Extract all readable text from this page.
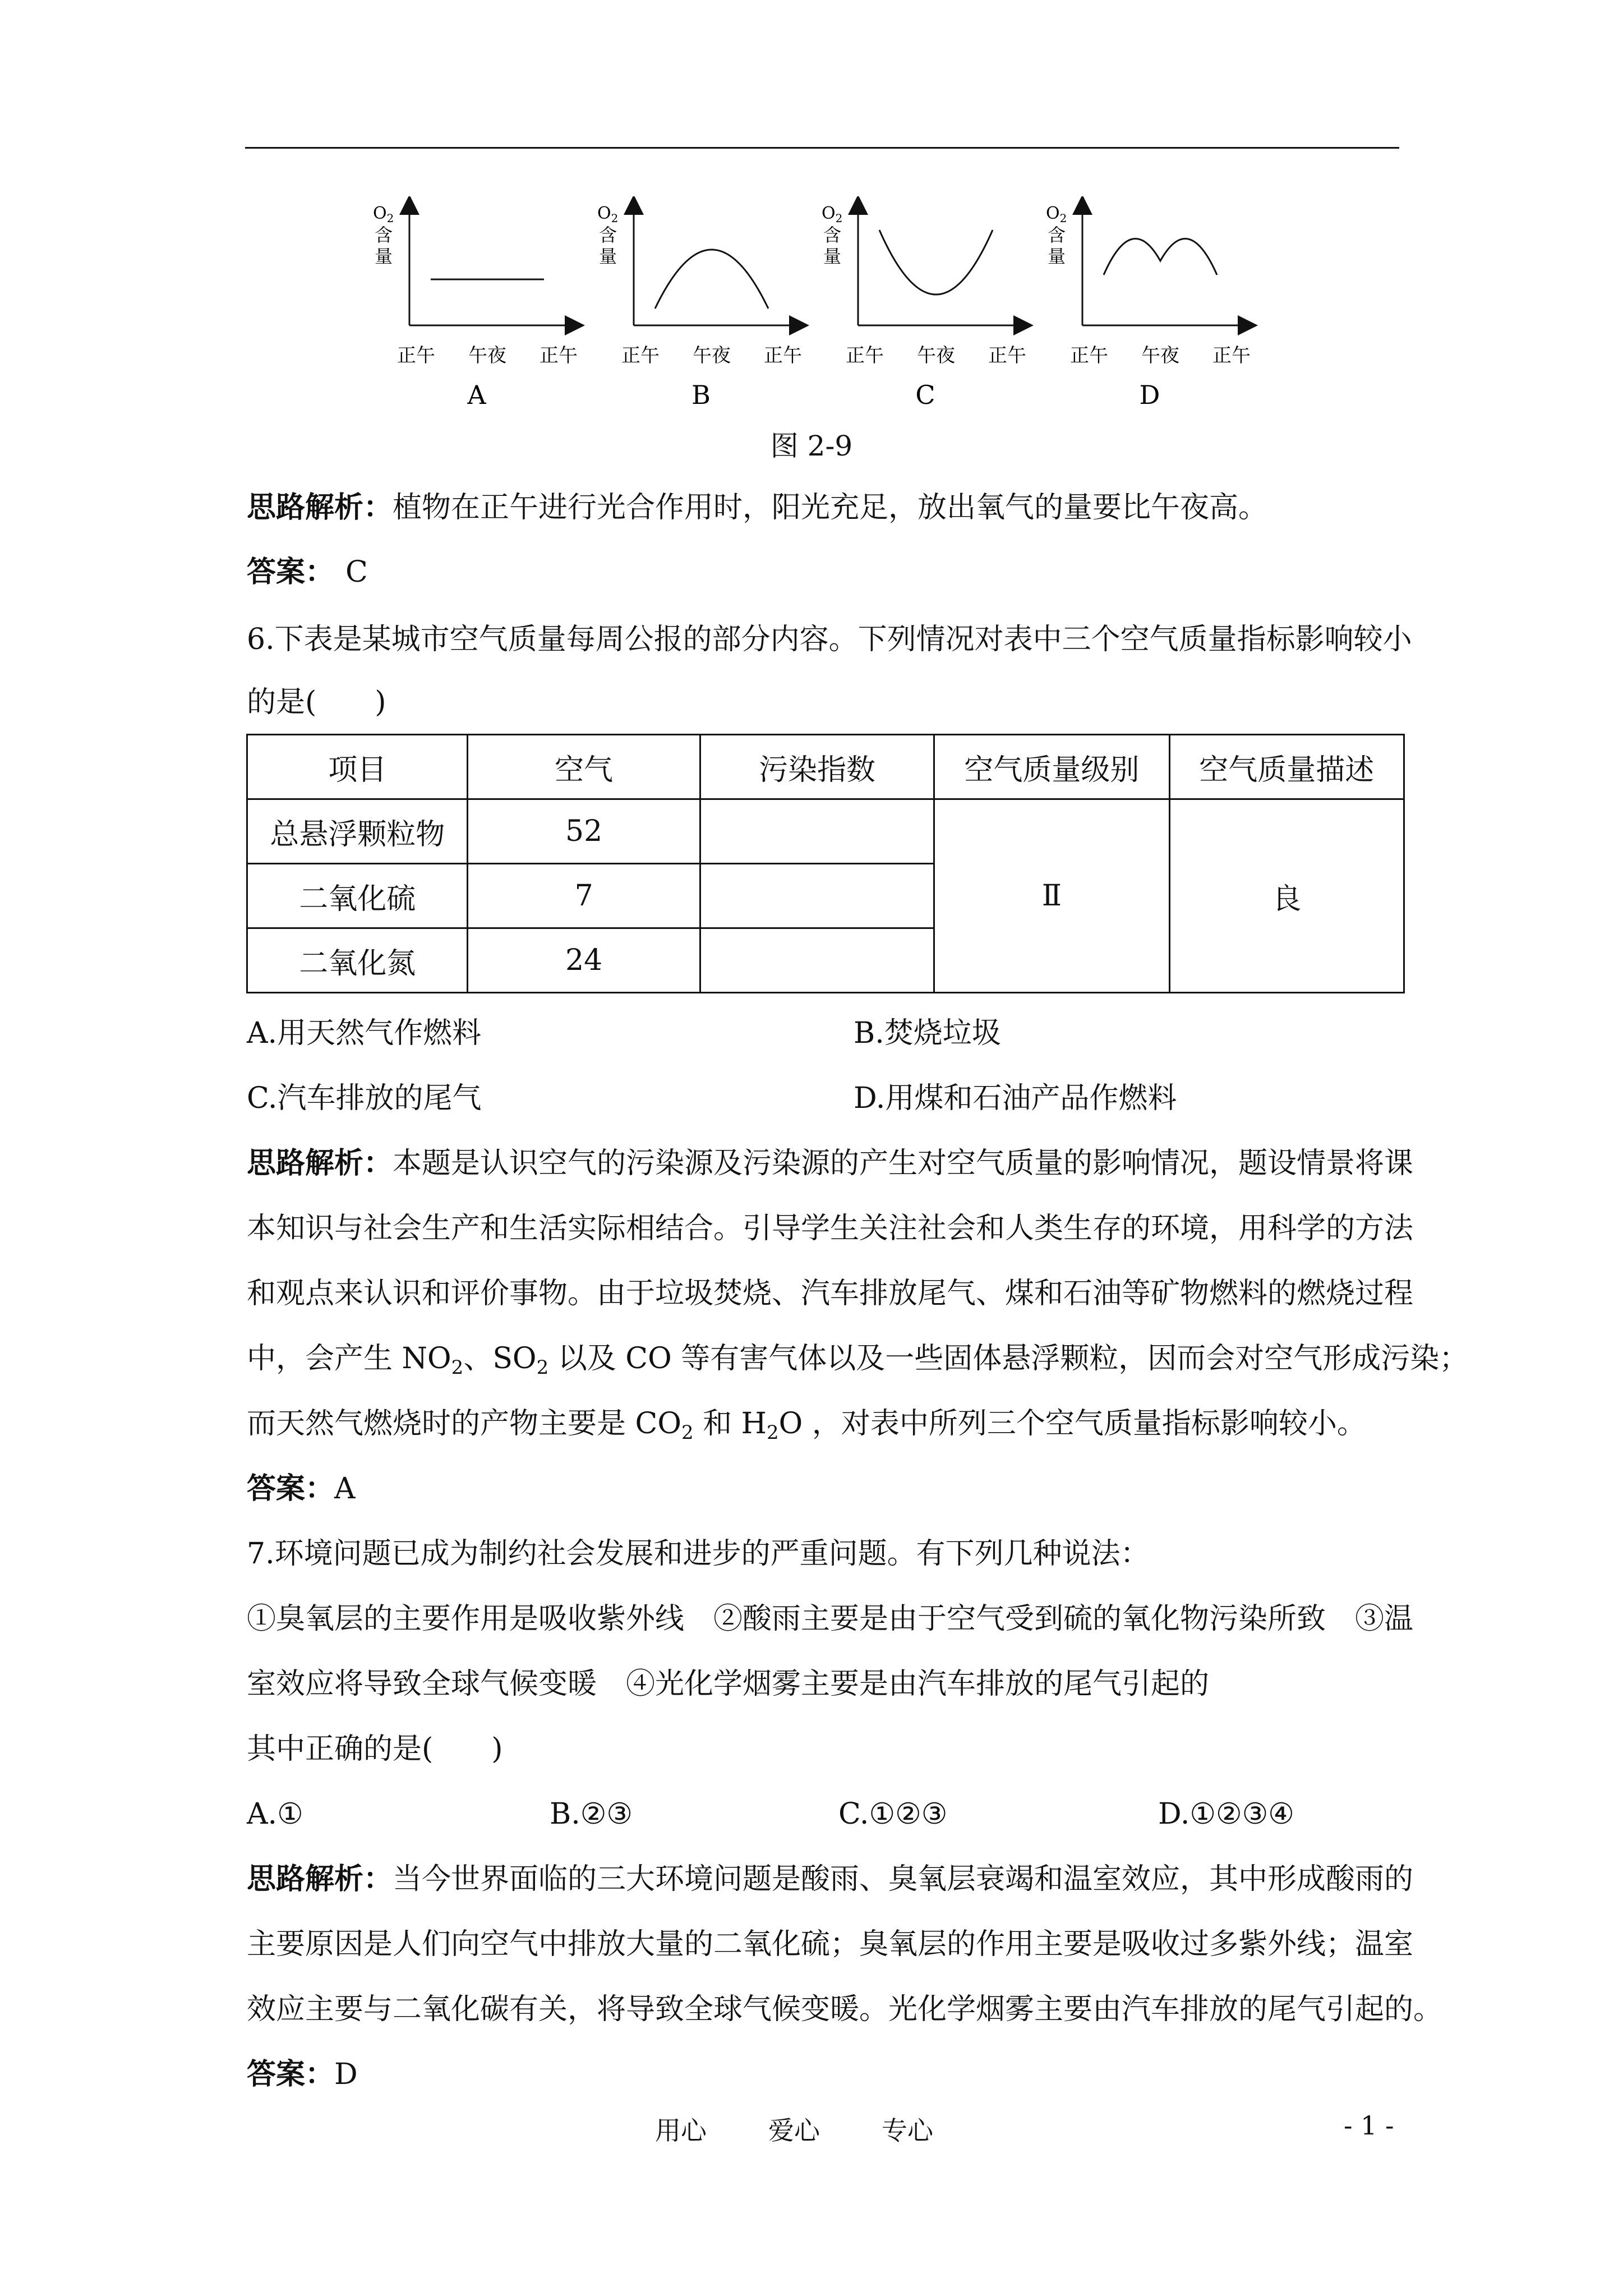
$O_2$
含
量
正午 午夜 正午
A
$O_2$
含
量
正午 午夜 正午
B
$O_2$
含
量
正午 午夜 正午
C
$O_2$
含
量
正午 午夜 正午
D
图 2-9
思路解析：植物在正午进行光合作用时，阳光充足，放出氧气的量要比午夜高。
答案： C
6.下表是某城市空气质量每周公报的部分内容。下列情况对表中三个空气质量指标影响较小
的是(　　)
项目	空气	污染指数	空气质量级别	空气质量描述
总悬浮颗粒物	52		Ⅱ	良
二氧化硫	7			
二氧化氮	24			
A.用天然气作燃料	B.焚烧垃圾
C.汽车排放的尾气	D.用煤和石油产品作燃料
思路解析：本题是认识空气的污染源及污染源的产生对空气质量的影响情况，题设情景将课
本知识与社会生产和生活实际相结合。引导学生关注社会和人类生存的环境，用科学的方法
和观点来认识和评价事物。由于垃圾焚烧、汽车排放尾气、煤和石油等矿物燃料的燃烧过程
中，会产生 $NO_2$、$SO_2$ 以及 CO 等有害气体以及一些固体悬浮颗粒，因而会对空气形成污染；
而天然气燃烧时的产物主要是 $CO_2$ 和 $H_2O$ ，对表中所列三个空气质量指标影响较小。
答案：A
7.环境问题已成为制约社会发展和进步的严重问题。有下列几种说法：
①臭氧层的主要作用是吸收紫外线　②酸雨主要是由于空气受到硫的氧化物污染所致　③温
室效应将导致全球气候变暖　④光化学烟雾主要是由汽车排放的尾气引起的
其中正确的是(　　)
A.①	B.②③	C.①②③	D.①②③④
思路解析：当今世界面临的三大环境问题是酸雨、臭氧层衰竭和温室效应，其中形成酸雨的
主要原因是人们向空气中排放大量的二氧化硫；臭氧层的作用主要是吸收过多紫外线；温室
效应主要与二氧化碳有关，将导致全球气候变暖。光化学烟雾主要由汽车排放的尾气引起的。
答案：D
用心 爱心 专心	- 1 -
